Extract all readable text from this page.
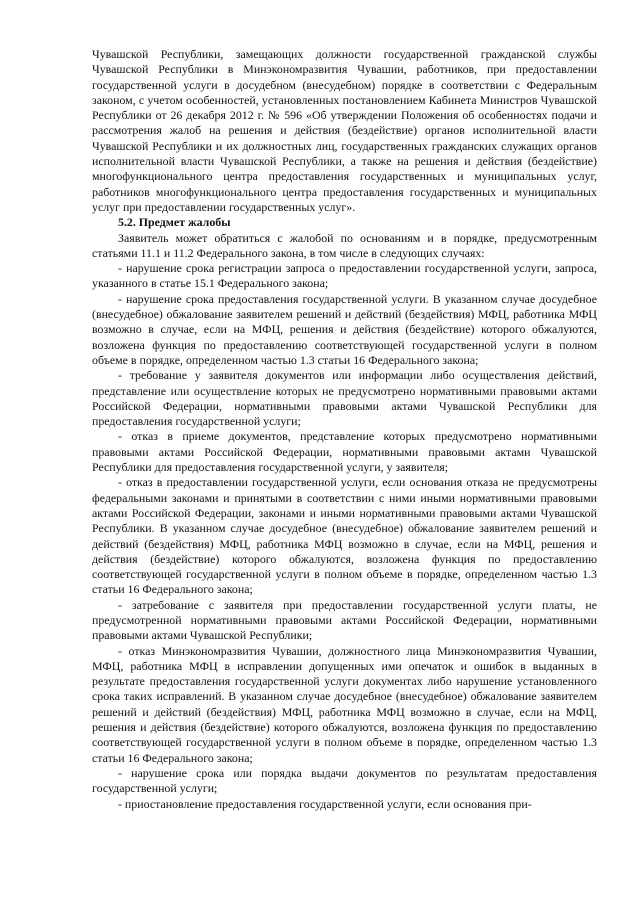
Чувашской Республики, замещающих должности государственной гражданской службы Чувашской Республики в Минэкономразвития Чувашии, работников, при предоставлении государственной услуги в досудебном (внесудебном) порядке в соответствии с Федеральным законом, с учетом особенностей, установленных постановлением Кабинета Министров Чувашской Республики от 26 декабря 2012 г. № 596 «Об утверждении Положения об особенностях подачи и рассмотрения жалоб на решения и действия (бездействие) органов исполнительной власти Чувашской Республики и их должностных лиц, государственных гражданских служащих органов исполнительной власти Чувашской Республики, а также на решения и действия (бездействие) многофункционального центра предоставления государственных и муниципальных услуг, работников многофункционального центра предоставления государственных и муниципальных услуг при предоставлении государственных услуг».

5.2. Предмет жалобы

Заявитель может обратиться с жалобой по основаниям и в порядке, предусмотренным статьями 11.1 и 11.2 Федерального закона, в том числе в следующих случаях:

- нарушение срока регистрации запроса о предоставлении государственной услуги, запроса, указанного в статье 15.1 Федерального закона;

- нарушение срока предоставления государственной услуги. В указанном случае досудебное (внесудебное) обжалование заявителем решений и действий (бездействия) МФЦ, работника МФЦ возможно в случае, если на МФЦ, решения и действия (бездействие) которого обжалуются, возложена функция по предоставлению соответствующей государственной услуги в полном объеме в порядке, определенном частью 1.3 статьи 16 Федерального закона;

- требование у заявителя документов или информации либо осуществления действий, представление или осуществление которых не предусмотрено нормативными правовыми актами Российской Федерации, нормативными правовыми актами Чувашской Республики для предоставления государственной услуги;

- отказ в приеме документов, представление которых предусмотрено нормативными правовыми актами Российской Федерации, нормативными правовыми актами Чувашской Республики для предоставления государственной услуги, у заявителя;

- отказ в предоставлении государственной услуги, если основания отказа не предусмотрены федеральными законами и принятыми в соответствии с ними иными нормативными правовыми актами Российской Федерации, законами и иными нормативными правовыми актами Чувашской Республики. В указанном случае досудебное (внесудебное) обжалование заявителем решений и действий (бездействия) МФЦ, работника МФЦ возможно в случае, если на МФЦ, решения и действия (бездействие) которого обжалуются, возложена функция по предоставлению соответствующей государственной услуги в полном объеме в порядке, определенном частью 1.3 статьи 16 Федерального закона;

- затребование с заявителя при предоставлении государственной услуги платы, не предусмотренной нормативными правовыми актами Российской Федерации, нормативными правовыми актами Чувашской Республики;

- отказ Минэкономразвития Чувашии, должностного лица Минэкономразвития Чувашии, МФЦ, работника МФЦ в исправлении допущенных ими опечаток и ошибок в выданных в результате предоставления государственной услуги документах либо нарушение установленного срока таких исправлений. В указанном случае досудебное (внесудебное) обжалование заявителем решений и действий (бездействия) МФЦ, работника МФЦ возможно в случае, если на МФЦ, решения и действия (бездействие) которого обжалуются, возложена функция по предоставлению соответствующей государственной услуги в полном объеме в порядке, определенном частью 1.3 статьи 16 Федерального закона;

- нарушение срока или порядка выдачи документов по результатам предоставления государственной услуги;

- приостановление предоставления государственной услуги, если основания при-
